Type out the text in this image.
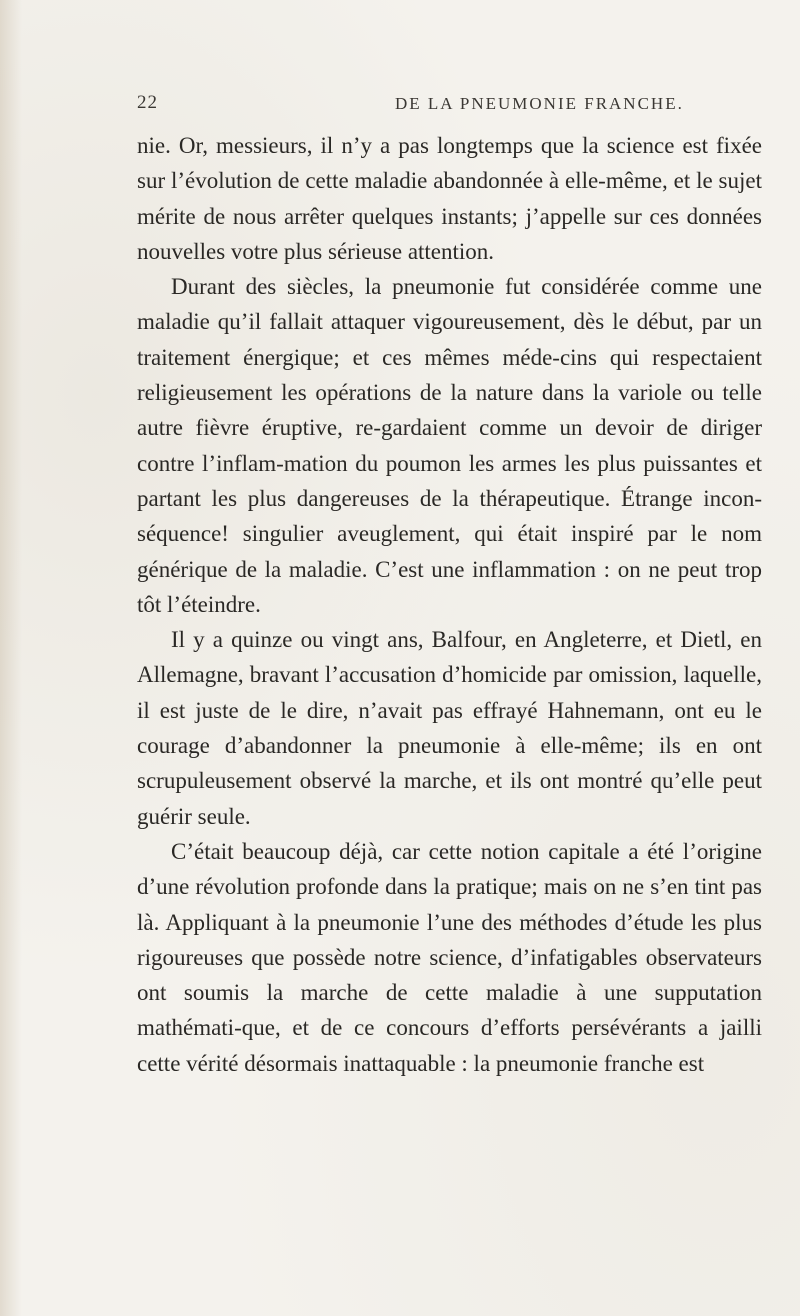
22	DE LA PNEUMONIE FRANCHE.

nie. Or, messieurs, il n’y a pas longtemps que la science est fixée sur l’évolution de cette maladie abandonnée à elle-même, et le sujet mérite de nous arrêter quelques instants; j’appelle sur ces données nouvelles votre plus sérieuse attention.

Durant des siècles, la pneumonie fut considérée comme une maladie qu’il fallait attaquer vigoureusement, dès le début, par un traitement énergique; et ces mêmes méde-cins qui respectaient religieusement les opérations de la nature dans la variole ou telle autre fièvre éruptive, re-gardaient comme un devoir de diriger contre l’inflam-mation du poumon les armes les plus puissantes et partant les plus dangereuses de la thérapeutique. Étrange incon-séquence! singulier aveuglement, qui était inspiré par le nom générique de la maladie. C’est une inflammation : on ne peut trop tôt l’éteindre.

Il y a quinze ou vingt ans, Balfour, en Angleterre, et Dietl, en Allemagne, bravant l’accusation d’homicide par omission, laquelle, il est juste de le dire, n’avait pas effrayé Hahnemann, ont eu le courage d’abandonner la pneumonie à elle-même; ils en ont scrupuleusement observé la marche, et ils ont montré qu’elle peut guérir seule.

C’était beaucoup déjà, car cette notion capitale a été l’origine d’une révolution profonde dans la pratique; mais on ne s’en tint pas là. Appliquant à la pneumonie l’une des méthodes d’étude les plus rigoureuses que possède notre science, d’infatigables observateurs ont soumis la marche de cette maladie à une supputation mathémati-que, et de ce concours d’efforts persévérants a jailli cette vérité désormais inattaquable : la pneumonie franche est
